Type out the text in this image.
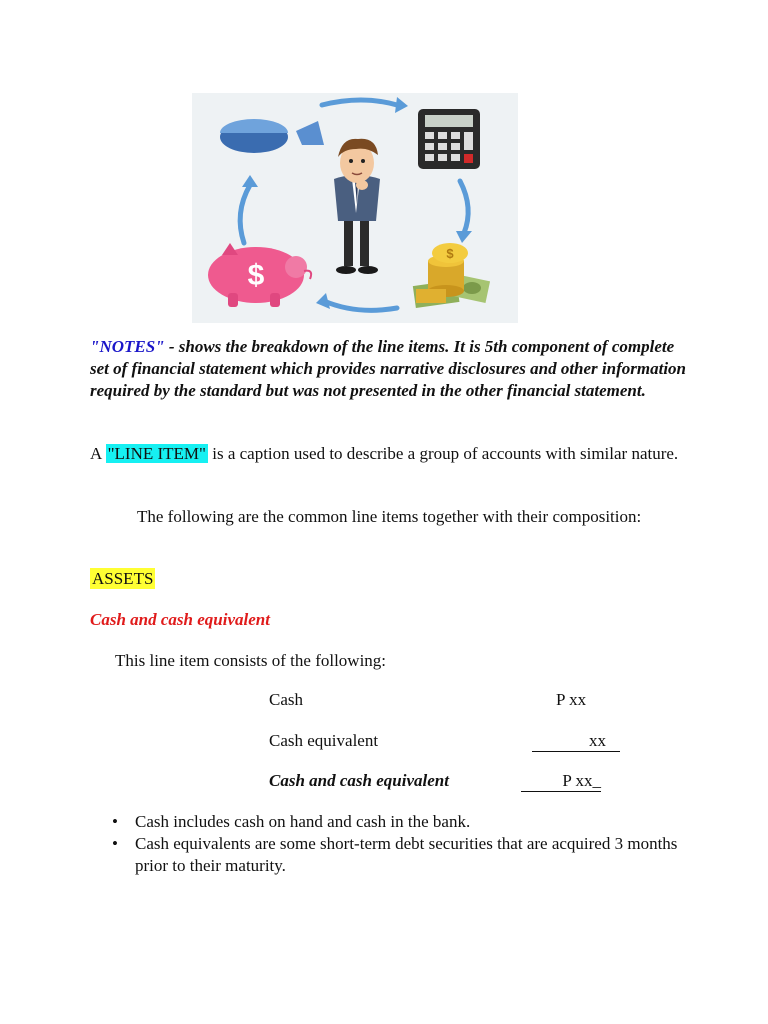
$
$

"NOTES" - shows the breakdown of the line items. It is 5th component of complete set of financial statement which provides narrative disclosures and other information required by the standard but was not presented in the other financial statement.

A "LINE ITEM" is a caption used to describe a group of accounts with similar nature.

The following are the common line items together with their composition:

ASSETS

Cash and cash equivalent

This line item consists of the following:

Cash	P xx
Cash equivalent	xx
Cash and cash equivalent	P xx_
• Cash includes cash on hand and cash in the bank.
• Cash equivalents are some short-term debt securities that are acquired 3 months prior to their maturity.
